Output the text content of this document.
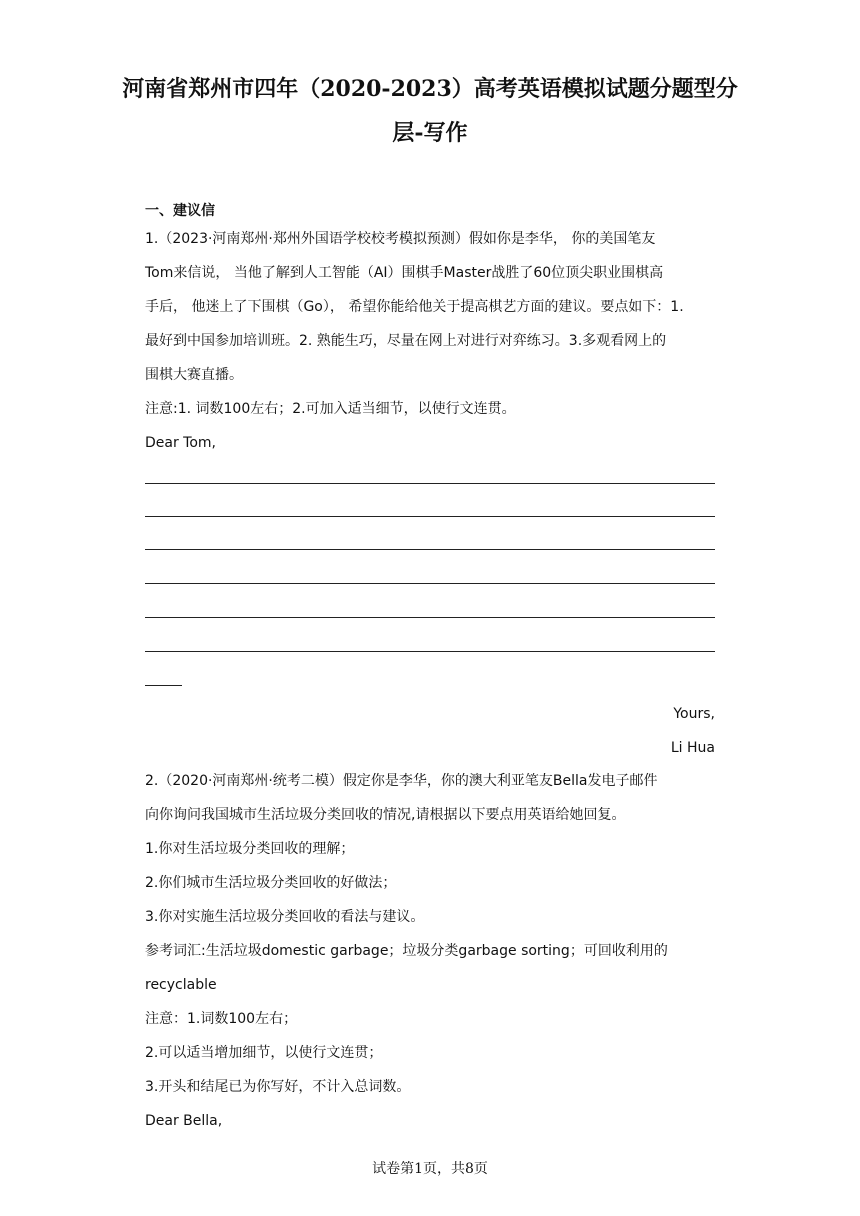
河南省郑州市四年（2020-2023）高考英语模拟试题分题型分
层-写作
一、建议信
1.（2023·河南郑州·郑州外国语学校校考模拟预测）假如你是李华， 你的美国笔友
Tom来信说， 当他了解到人工智能（AI）围棋手Master战胜了60位顶尖职业围棋高
手后， 他迷上了下围棋（Go）， 希望你能给他关于提高棋艺方面的建议。要点如下：1.
最好到中国参加培训班。2. 熟能生巧，尽量在网上对进行对弈练习。3.多观看网上的
围棋大赛直播。
注意:1. 词数100左右；2.可加入适当细节，以使行文连贯。
Dear Tom,
Yours,
Li Hua
2.（2020·河南郑州·统考二模）假定你是李华，你的澳大利亚笔友Bella发电子邮件
向你询问我国城市生活垃圾分类回收的情况,请根据以下要点用英语给她回复。
1.你对生活垃圾分类回收的理解；
2.你们城市生活垃圾分类回收的好做法；
3.你对实施生活垃圾分类回收的看法与建议。
参考词汇:生活垃圾domestic garbage；垃圾分类garbage sorting；可回收利用的
recyclable
注意：1.词数100左右；
2.可以适当增加细节，以使行文连贯；
3.开头和结尾已为你写好，不计入总词数。
Dear Bella,
试卷第1页，共8页
